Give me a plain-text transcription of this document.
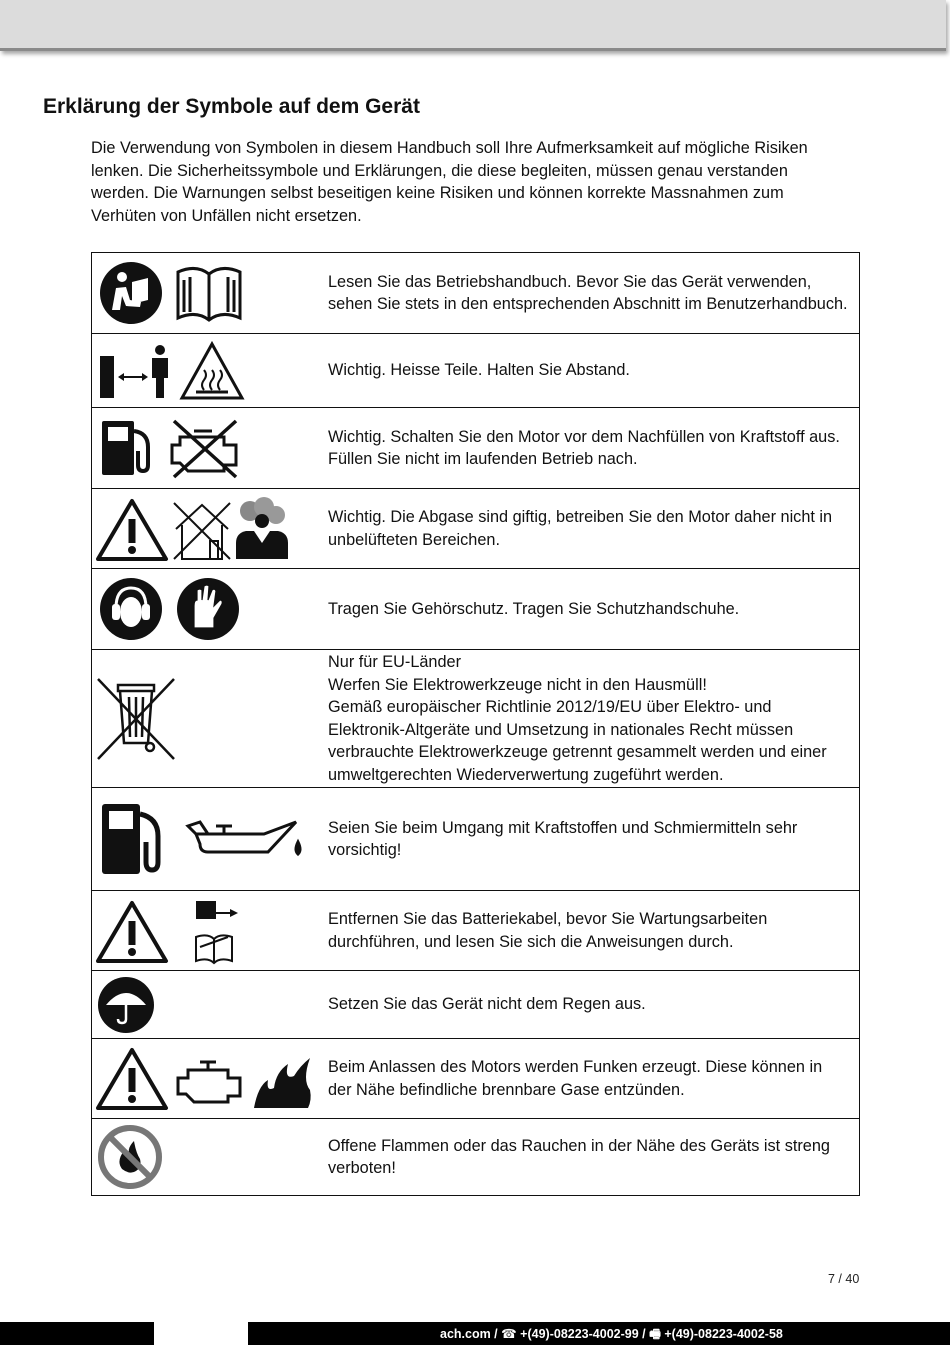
Erklärung der Symbole auf dem Gerät

Die Verwendung von Symbolen in diesem Handbuch soll Ihre Aufmerksamkeit auf mögliche Risiken lenken. Die Sicherheitssymbole und Erklärungen, die diese begleiten, müssen genau verstanden werden. Die Warnungen selbst beseitigen keine Risiken und können korrekte Massnahmen zum Verhüten von Unfällen nicht ersetzen.

	Lesen Sie das Betriebshandbuch. Bevor Sie das Gerät verwenden, sehen Sie stets in den entsprechenden Abschnitt im Benutzerhandbuch.

	Wichtig. Heisse Teile. Halten Sie Abstand.

	Wichtig. Schalten Sie den Motor vor dem Nachfüllen von Kraftstoff aus. Füllen Sie nicht im laufenden Betrieb nach.

	Wichtig. Die Abgase sind giftig, betreiben Sie den Motor daher nicht in unbelüfteten Bereichen.

	Tragen Sie Gehörschutz. Tragen Sie Schutzhandschuhe.

Nur für EU-Länder
Werfen Sie Elektrowerkzeuge nicht in den Hausmüll!
Gemäß europäischer Richtlinie 2012/19/EU über Elektro- und Elektronik-Altgeräte und Umsetzung in nationales Recht müssen verbrauchte Elektrowerkzeuge getrennt gesammelt werden und einer umweltgerechten Wiederverwertung zugeführt werden.

	Seien Sie beim Umgang mit Kraftstoffen und Schmiermitteln sehr vorsichtig!

	Entfernen Sie das Batteriekabel, bevor Sie Wartungsarbeiten durchführen, und lesen Sie sich die Anweisungen durch.

	Setzen Sie das Gerät nicht dem Regen aus.

	Beim Anlassen des Motors werden Funken erzeugt. Diese können in der Nähe befindliche brennbare Gase entzünden.

	Offene Flammen oder das Rauchen in der Nähe des Geräts ist streng verboten!
7 / 40
ach.com / ☎ +(49)-08223-4002-99 / 🖷 +(49)-08223-4002-58
